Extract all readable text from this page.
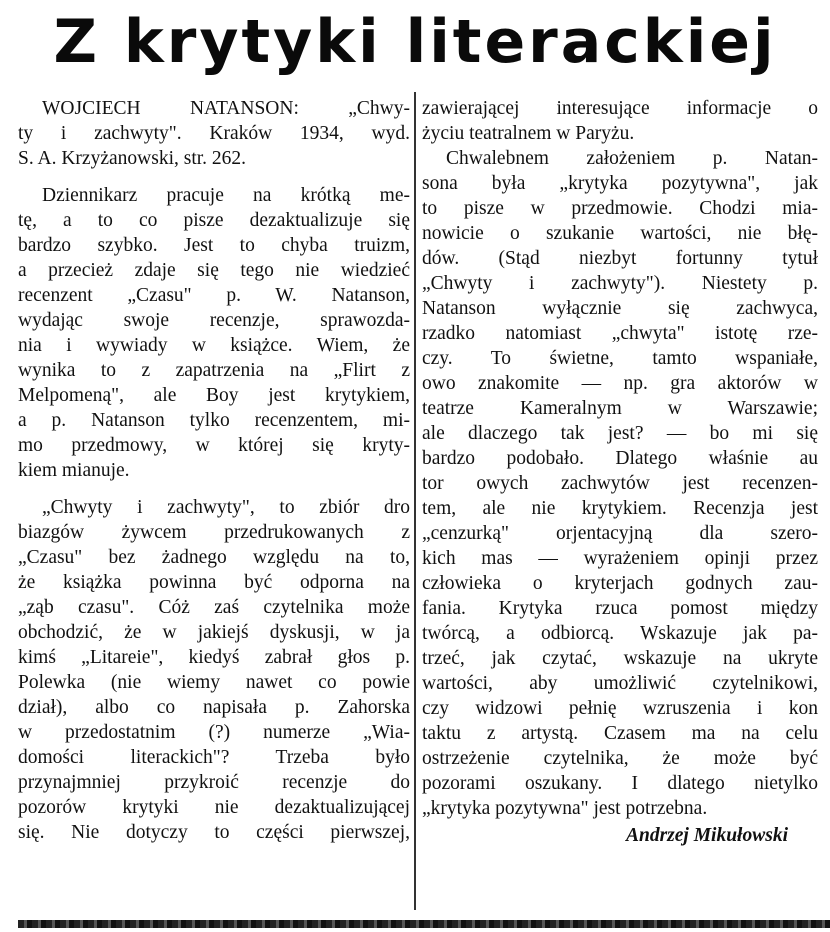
Z krytyki literackiej
WOJCIECH NATANSON: „Chwy-
ty i zachwyty". Kraków 1934, wyd.
S. A. Krzyżanowski, str. 262.
Dziennikarz pracuje na krótką me-
tę, a to co pisze dezaktualizuje się
bardzo szybko. Jest to chyba truizm,
a przecież zdaje się tego nie wiedzieć
recenzent „Czasu" p. W. Natanson,
wydając swoje recenzje, sprawozda-
nia i wywiady w książce. Wiem, że
wynika to z zapatrzenia na „Flirt z
Melpomeną", ale Boy jest krytykiem,
a p. Natanson tylko recenzentem, mi-
mo przedmowy, w której się kryty-
kiem mianuje.
„Chwyty i zachwyty", to zbiór dro
biazgów żywcem przedrukowanych z
„Czasu" bez żadnego względu na to,
że książka powinna być odporna na
„ząb czasu". Cóż zaś czytelnika może
obchodzić, że w jakiejś dyskusji, w ja
kimś „Litareie", kiedyś zabrał głos p.
Polewka (nie wiemy nawet co powie
dział), albo co napisała p. Zahorska
w przedostatnim (?) numerze „Wia-
domości literackich"? Trzeba było
przynajmniej przykroić recenzje do
pozorów krytyki nie dezaktualizującej
się. Nie dotyczy to części pierwszej,
zawierającej interesujące informacje o
życiu teatralnem w Paryżu.
Chwalebnem założeniem p. Natan-
sona była „krytyka pozytywna", jak
to pisze w przedmowie. Chodzi mia-
nowicie o szukanie wartości, nie błę-
dów. (Stąd niezbyt fortunny tytuł
„Chwyty i zachwyty"). Niestety p.
Natanson wyłącznie się zachwyca,
rzadko natomiast „chwyta" istotę rze-
czy. To świetne, tamto wspaniałe,
owo znakomite — np. gra aktorów w
teatrze Kameralnym w Warszawie;
ale dlaczego tak jest? — bo mi się
bardzo podobało. Dlatego właśnie au
tor owych zachwytów jest recenzen-
tem, ale nie krytykiem. Recenzja jest
„cenzurką" orjentacyjną dla szero-
kich mas — wyrażeniem opinji przez
człowieka o kryterjach godnych zau-
fania. Krytyka rzuca pomost między
twórcą, a odbiorcą. Wskazuje jak pa-
trzeć, jak czytać, wskazuje na ukryte
wartości, aby umożliwić czytelnikowi,
czy widzowi pełnię wzruszenia i kon
taktu z artystą. Czasem ma na celu
ostrzeżenie czytelnika, że może być
pozorami oszukany. I dlatego nietylko
„krytyka pozytywna" jest potrzebna.
Andrzej Mikułowski
